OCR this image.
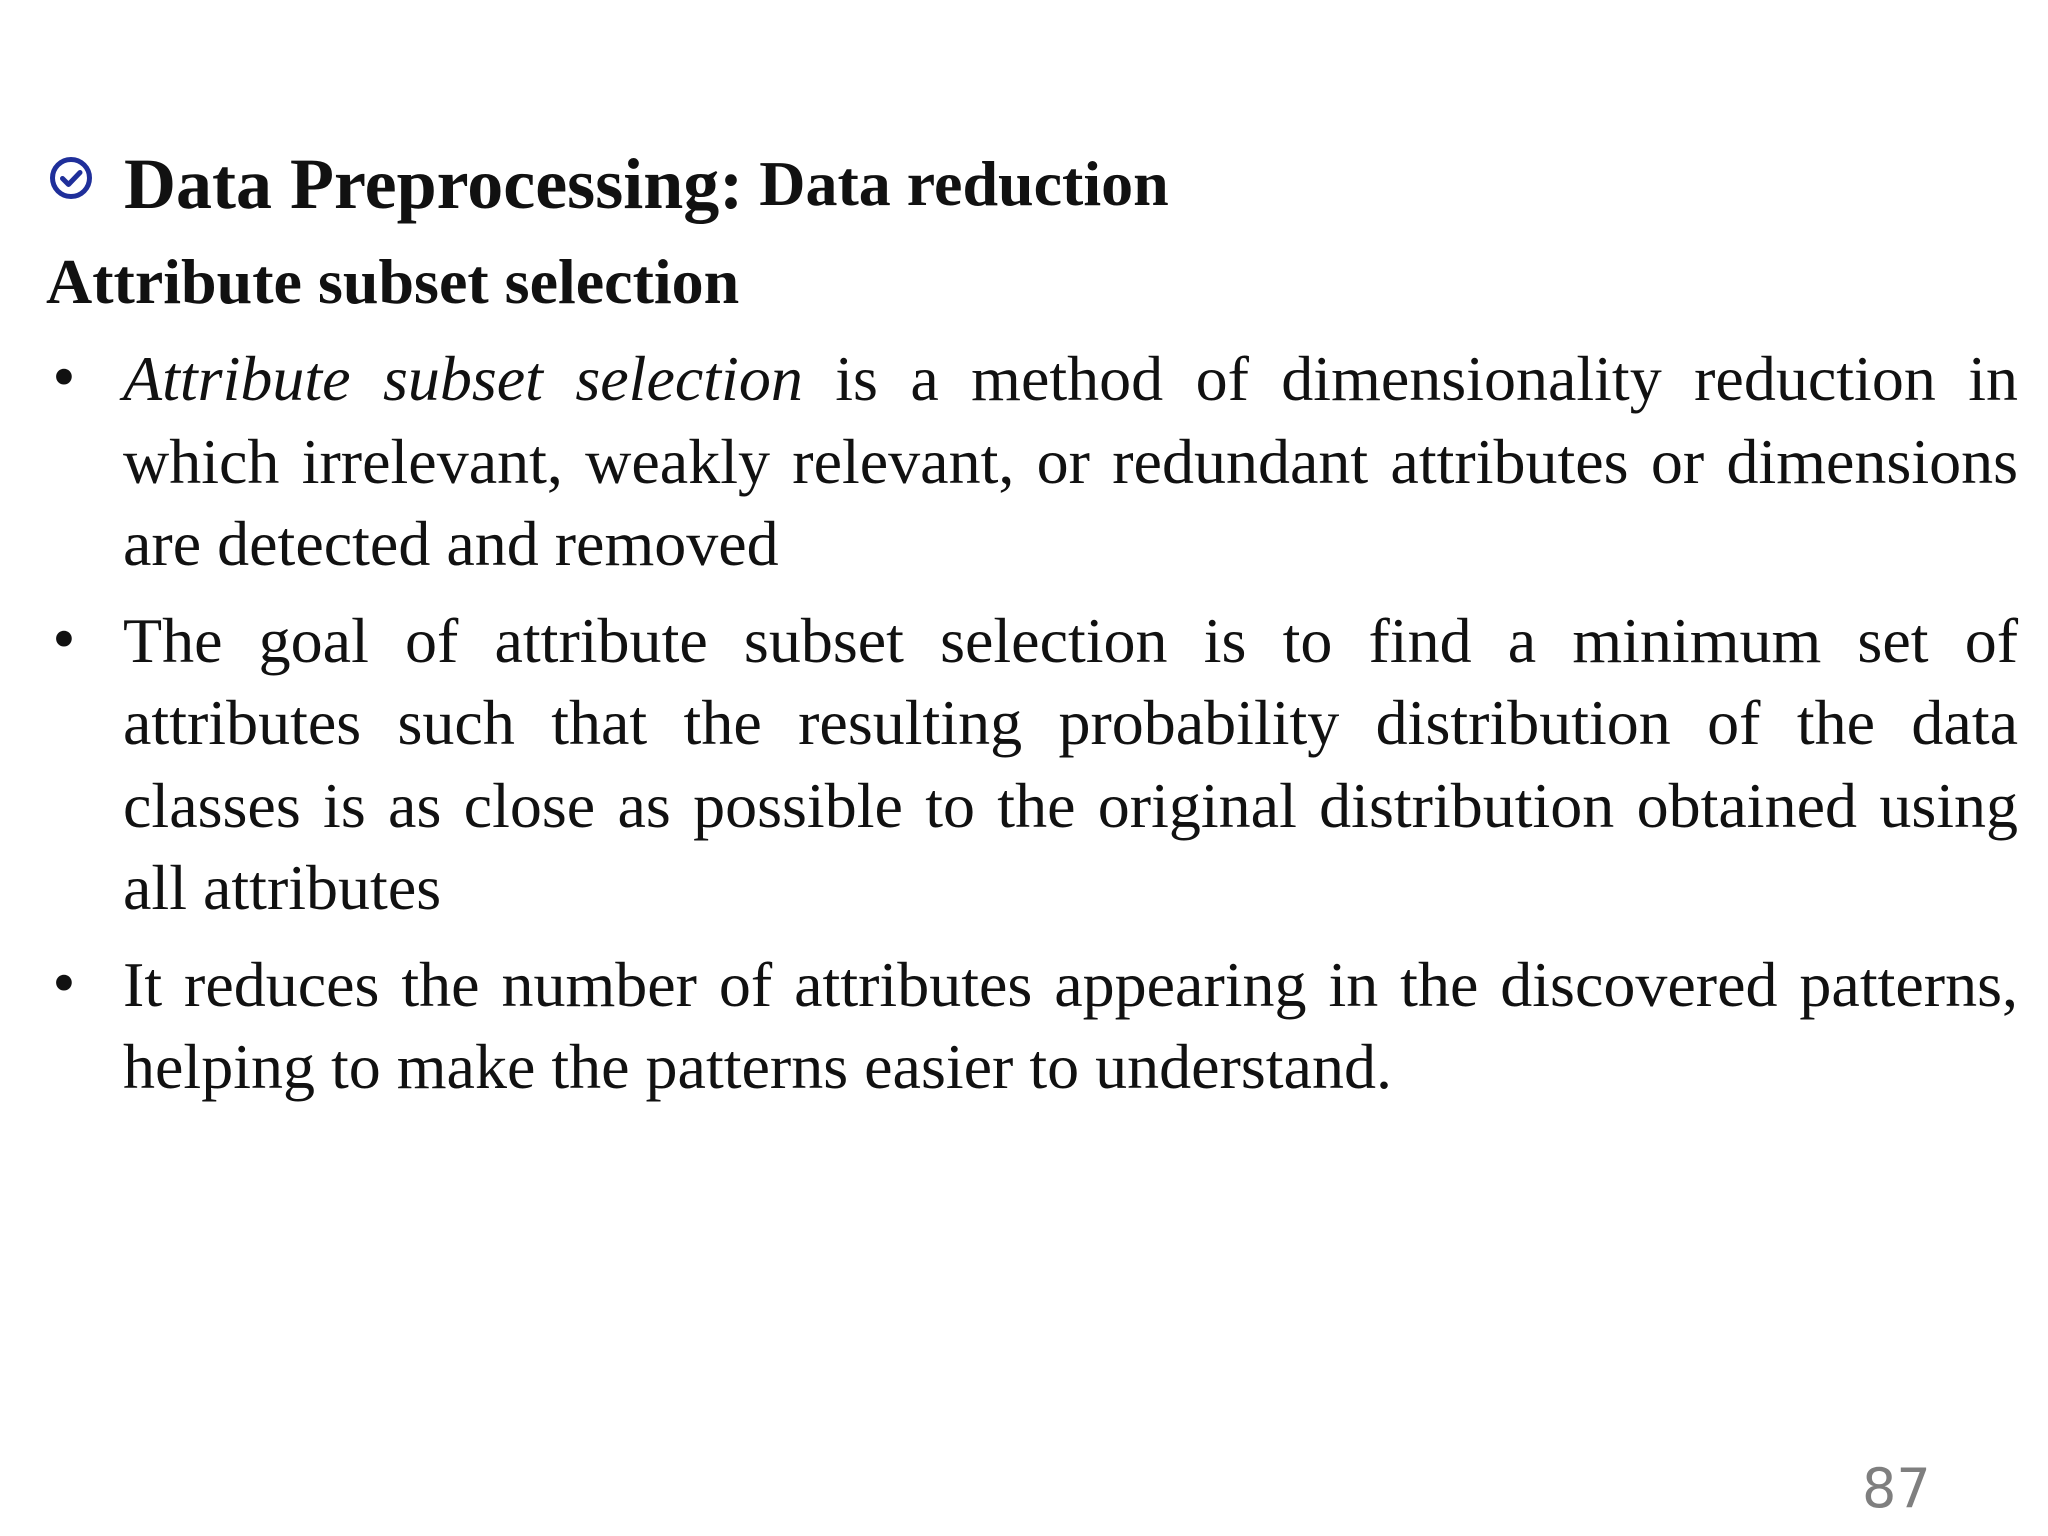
Data Preprocessing: Data reduction
Attribute subset selection
• Attribute subset selection is a method of dimensionality reduction in which irrelevant, weakly relevant, or redundant attributes or dimensions are detected and removed
• The goal of attribute subset selection is to find a minimum set of attributes such that the resulting probability distribution of the data classes is as close as possible to the original distribution obtained using all attributes
• It reduces the number of attributes appearing in the discovered patterns, helping to make the patterns easier to understand.
87
